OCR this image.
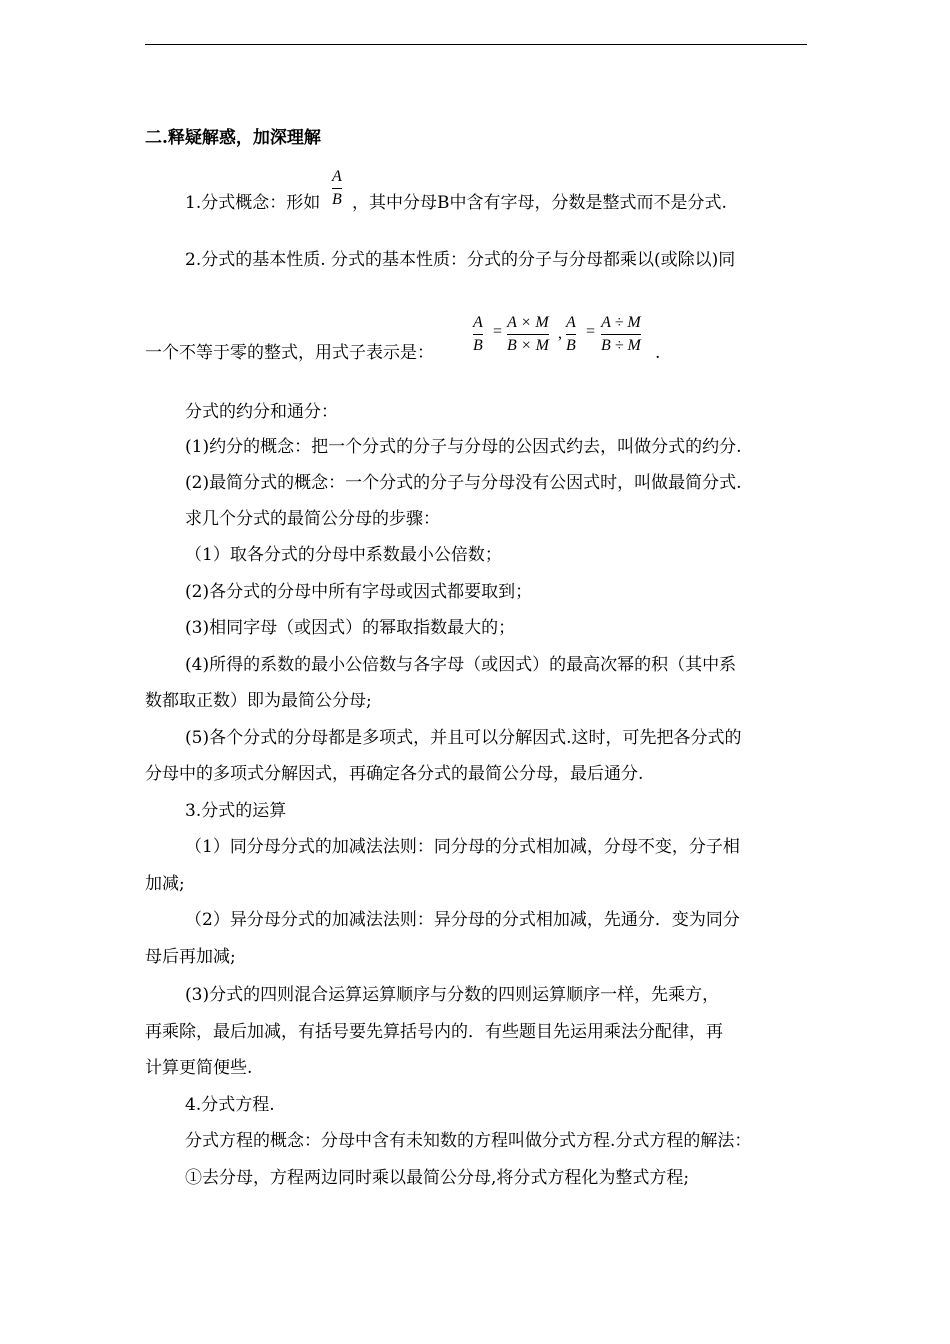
二.释疑解惑，加深理解
1.分式概念：形如
A
B ，其中分母B中含有字母，分数是整式而不是分式.
2.分式的基本性质. 分式的基本性质：分式的分子与分母都乘以(或除以)同
一个不等于零的整式，用式子表示是：
A
B
=
A × M
B × M
,
A
B
=
A ÷ M
B ÷ M .
分式的约分和通分：
(1)约分的概念：把一个分式的分子与分母的公因式约去，叫做分式的约分.
(2)最简分式的概念：一个分式的分子与分母没有公因式时，叫做最简分式.
求几个分式的最简公分母的步骤：
（1）取各分式的分母中系数最小公倍数；
(2)各分式的分母中所有字母或因式都要取到；
(3)相同字母（或因式）的幂取指数最大的；
(4)所得的系数的最小公倍数与各字母（或因式）的最高次幂的积（其中系
数都取正数）即为最简公分母;
(5)各个分式的分母都是多项式，并且可以分解因式.这时，可先把各分式的
分母中的多项式分解因式，再确定各分式的最简公分母，最后通分.
3.分式的运算
（1）同分母分式的加减法法则：同分母的分式相加减，分母不变，分子相
加减;
（2）异分母分式的加减法法则：异分母的分式相加减，先通分．变为同分
母后再加减;
(3)分式的四则混合运算运算顺序与分数的四则运算顺序一样，先乘方，
再乘除，最后加减，有括号要先算括号内的．有些题目先运用乘法分配律，再
计算更简便些.
4.分式方程.
分式方程的概念：分母中含有未知数的方程叫做分式方程.分式方程的解法：
①去分母，方程两边同时乘以最简公分母,将分式方程化为整式方程;
